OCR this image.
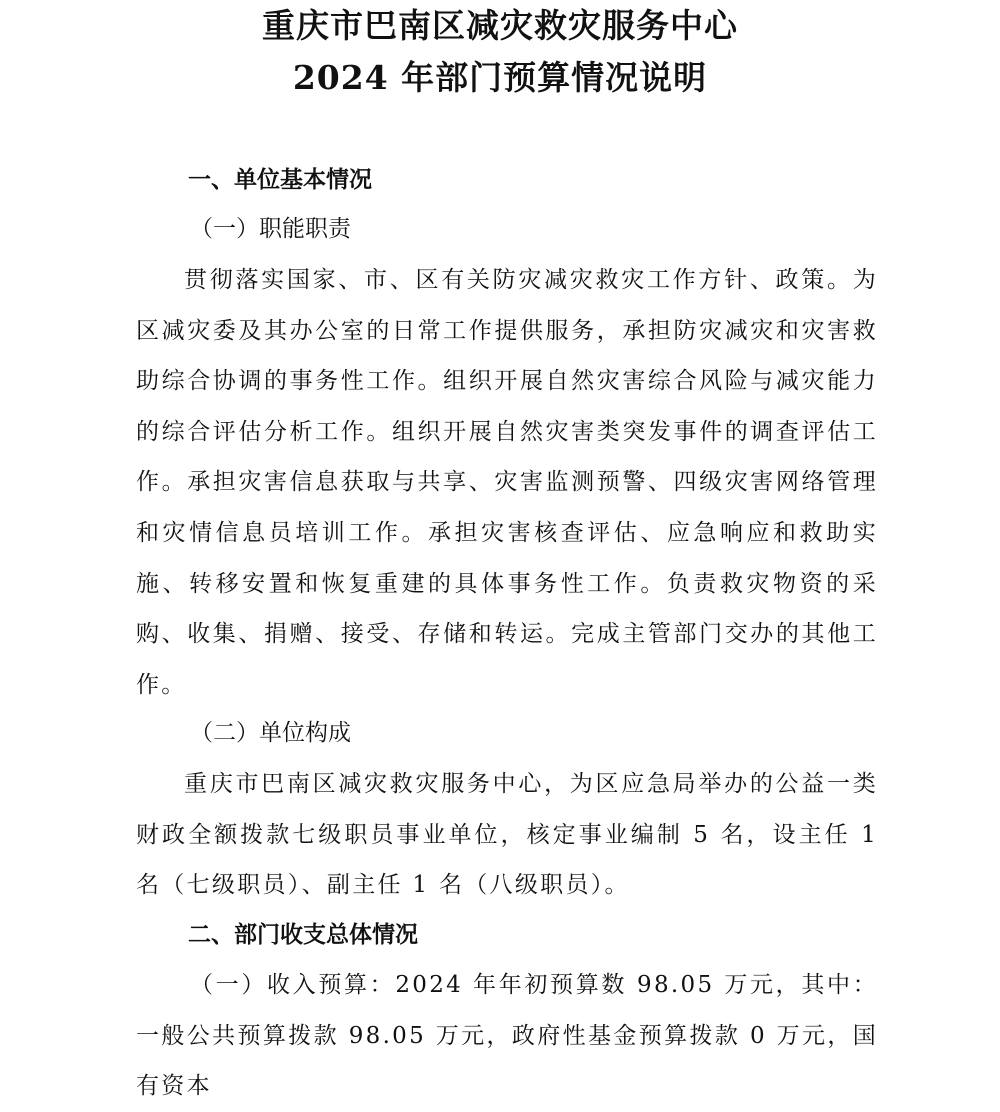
重庆市巴南区减灾救灾服务中心
2024 年部门预算情况说明
一、单位基本情况
（一）职能职责

贯彻落实国家、市、区有关防灾减灾救灾工作方针、政策。为区减灾委及其办公室的日常工作提供服务，承担防灾减灾和灾害救助综合协调的事务性工作。组织开展自然灾害综合风险与减灾能力的综合评估分析工作。组织开展自然灾害类突发事件的调查评估工作。承担灾害信息获取与共享、灾害监测预警、四级灾害网络管理和灾情信息员培训工作。承担灾害核查评估、应急响应和救助实施、转移安置和恢复重建的具体事务性工作。负责救灾物资的采购、收集、捐赠、接受、存储和转运。完成主管部门交办的其他工作。

（二）单位构成

重庆市巴南区减灾救灾服务中心，为区应急局举办的公益一类财政全额拨款七级职员事业单位，核定事业编制 5 名，设主任 1 名（七级职员）、副主任 1 名（八级职员）。

二、部门收支总体情况

（一）收入预算：2024 年年初预算数 98.05 万元，其中：一般公共预算拨款 98.05 万元，政府性基金预算拨款 0 万元，国有资本
